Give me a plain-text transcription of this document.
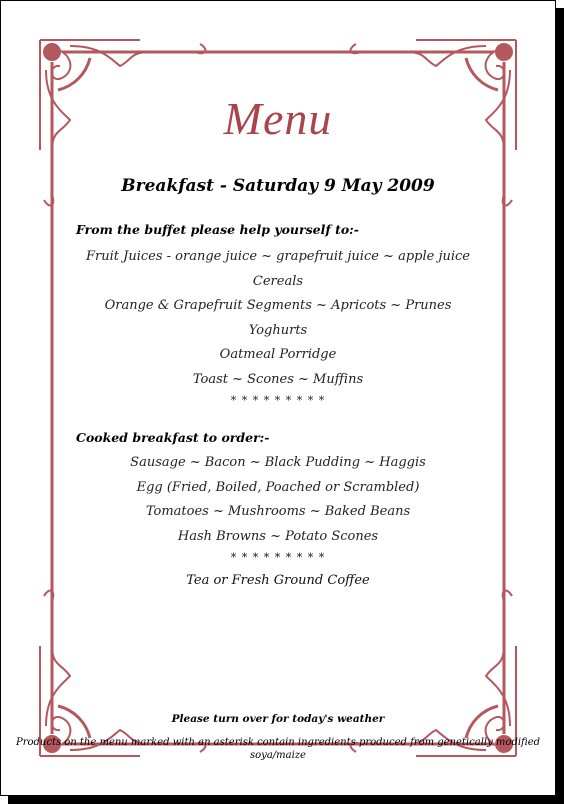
Menu
Breakfast - Saturday 9 May 2009
From the buffet please help yourself to:-
Fruit Juices - orange juice ~ grapefruit juice ~ apple juice
Cereals
Orange & Grapefruit Segments ~ Apricots ~ Prunes
Yoghurts
Oatmeal Porridge
Toast ~ Scones ~ Muffins
* * * * * * * * *
Cooked breakfast to order:-
Sausage ~ Bacon ~ Black Pudding ~ Haggis
Egg (Fried, Boiled, Poached or Scrambled)
Tomatoes ~ Mushrooms ~ Baked Beans
Hash Browns ~ Potato Scones
* * * * * * * * *
Tea or Fresh Ground Coffee
Please turn over for today's weather
Products on the menu marked with an asterisk contain ingredients produced from genetically modified soya/maize
